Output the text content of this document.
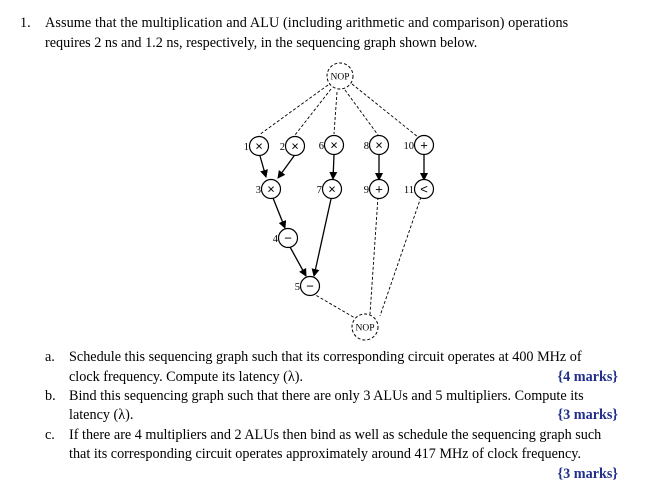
1. Assume that the multiplication and ALU (including arithmetic and comparison) operations
requires 2 ns and 1.2 ns, respectively, in the sequencing graph shown below.
NOP
NOP
× × ×	×	+
×	×	+	<
−
−
1	2	6	8	10
3	7	9	11
4
5
a. Schedule this sequencing graph such that its corresponding circuit operates at 400 MHz of
clock frequency. Compute its latency (λ).	{4 marks}
b. Bind this sequencing graph such that there are only 3 ALUs and 5 multipliers. Compute its
latency (λ).	{3 marks}
c. If there are 4 multipliers and 2 ALUs then bind as well as schedule the sequencing graph such
that its corresponding circuit operates approximately around 417 MHz of clock frequency.
{3 marks}
